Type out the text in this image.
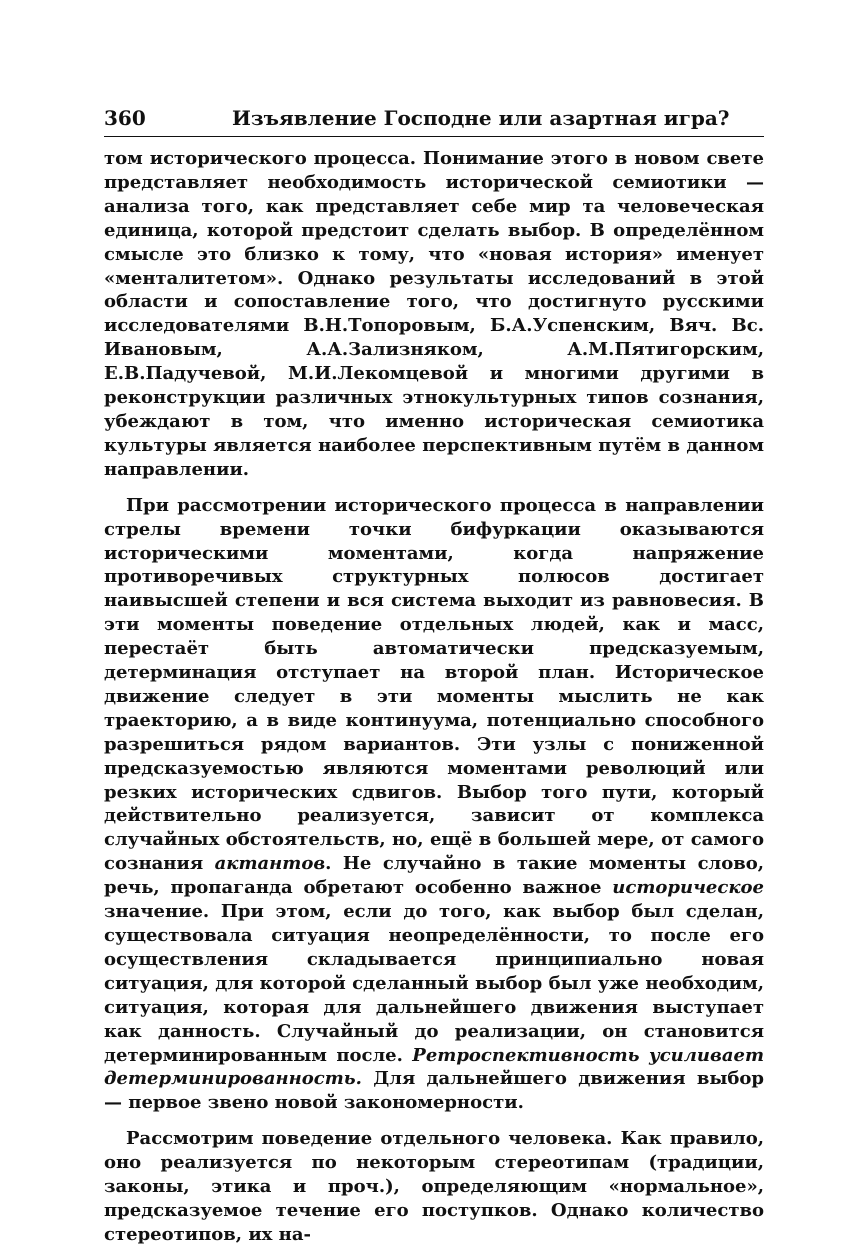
360	Изъявление Господне или азартная игра?

том исторического процесса. Понимание этого в новом свете представляет необходимость исторической семиотики — анализа того, как представляет себе мир та человеческая единица, которой предстоит сделать выбор. В определённом смысле это близко к тому, что «новая история» именует «менталитетом». Однако результаты исследований в этой области и сопоставление того, что достигнуто русскими исследователями В.Н.Топоровым, Б.А.Успенским, Вяч. Вс. Ивановым, А.А.Зализняком, А.М.Пятигорским, Е.В.Падучевой, М.И.Лекомцевой и многими другими в реконструкции различных этнокультурных типов сознания, убеждают в том, что именно историческая семиотика культуры является наиболее перспективным путём в данном направлении.

При рассмотрении исторического процесса в направлении стрелы времени точки бифуркации оказываются историческими моментами, когда напряжение противоречивых структурных полюсов достигает наивысшей степени и вся система выходит из равновесия. В эти моменты поведение отдельных людей, как и масс, перестаёт быть автоматически предсказуемым, детерминация отступает на второй план. Историческое движение следует в эти моменты мыслить не как траекторию, а в виде континуума, потенциально способного разрешиться рядом вариантов. Эти узлы с пониженной предсказуемостью являются моментами революций или резких исторических сдвигов. Выбор того пути, который действительно реализуется, зависит от комплекса случайных обстоятельств, но, ещё в большей мере, от самого сознания актантов. Не случайно в такие моменты слово, речь, пропаганда обретают особенно важное историческое значение. При этом, если до того, как выбор был сделан, существовала ситуация неопределённости, то после его осуществления складывается принципиально новая ситуация, для которой сделанный выбор был уже необходим, ситуация, которая для дальнейшего движения выступает как данность. Случайный до реализации, он становится детерминированным после. Ретроспективность усиливает детерминированность. Для дальнейшего движения выбор — первое звено новой закономерности.

Рассмотрим поведение отдельного человека. Как правило, оно реализуется по некоторым стереотипам (традиции, законы, этика и проч.), определяющим «нормальное», предсказуемое течение его поступков. Однако количество стереотипов, их на-
